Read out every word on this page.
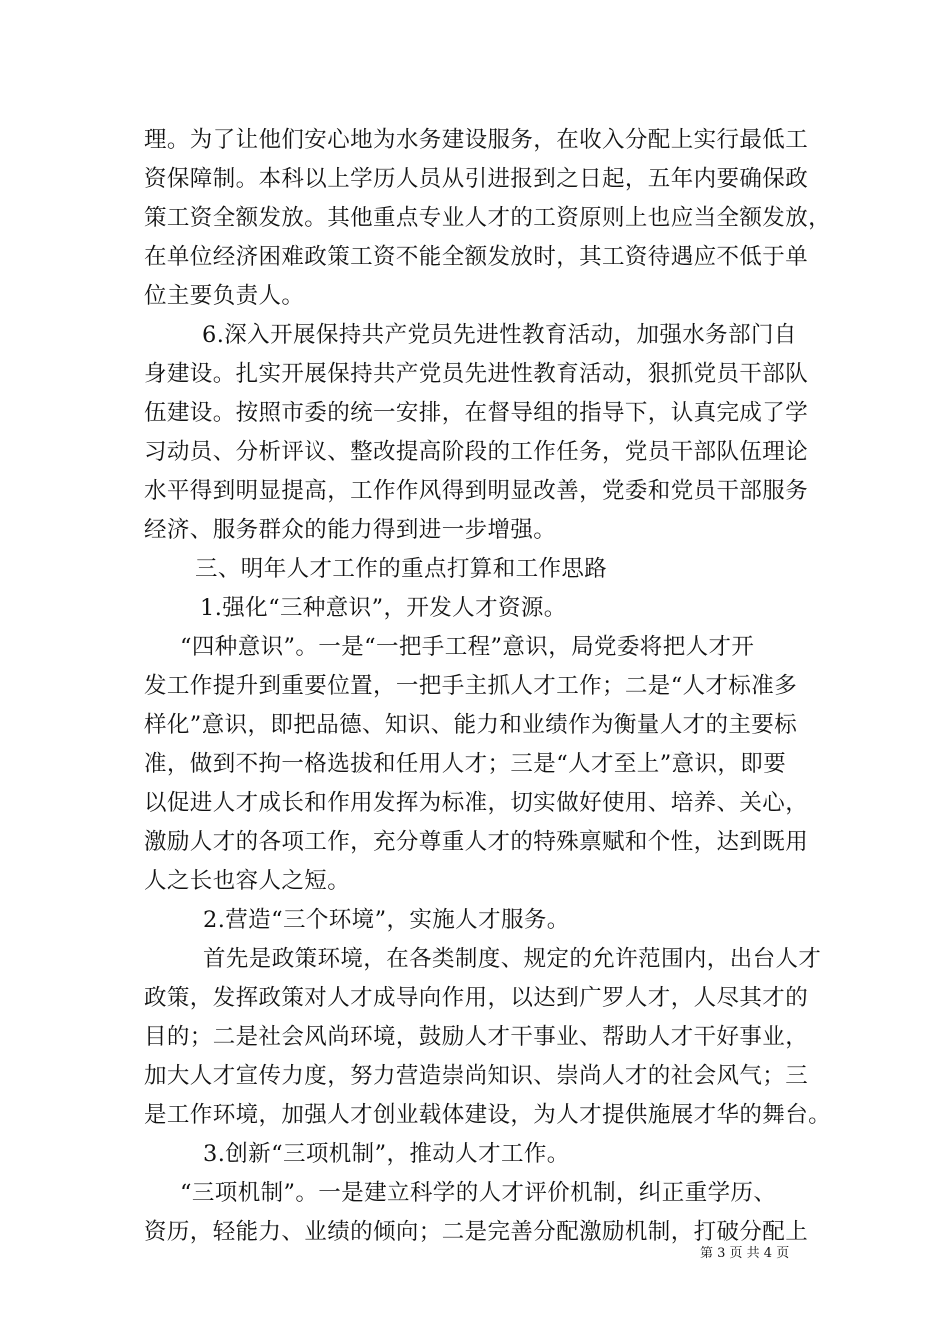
理。为了让他们安心地为水务建设服务，在收入分配上实行最低工
资保障制。本科以上学历人员从引进报到之日起，五年内要确保政
策工资全额发放。其他重点专业人才的工资原则上也应当全额发放，
在单位经济困难政策工资不能全额发放时，其工资待遇应不低于单
位主要负责人。
6.深入开展保持共产党员先进性教育活动，加强水务部门自
身建设。扎实开展保持共产党员先进性教育活动，狠抓党员干部队
伍建设。按照市委的统一安排，在督导组的指导下，认真完成了学
习动员、分析评议、整改提高阶段的工作任务，党员干部队伍理论
水平得到明显提高，工作作风得到明显改善，党委和党员干部服务
经济、服务群众的能力得到进一步增强。
三、明年人才工作的重点打算和工作思路
1.强化“三种意识”，开发人才资源。
“四种意识”。一是“一把手工程”意识，局党委将把人才开
发工作提升到重要位置，一把手主抓人才工作；二是“人才标准多
样化”意识，即把品德、知识、能力和业绩作为衡量人才的主要标
准，做到不拘一格选拔和任用人才；三是“人才至上”意识，即要
以促进人才成长和作用发挥为标准，切实做好使用、培养、关心，
激励人才的各项工作，充分尊重人才的特殊禀赋和个性，达到既用
人之长也容人之短。
2.营造“三个环境”，实施人才服务。
首先是政策环境，在各类制度、规定的允许范围内，出台人才
政策，发挥政策对人才成导向作用，以达到广罗人才，人尽其才的
目的；二是社会风尚环境，鼓励人才干事业、帮助人才干好事业，
加大人才宣传力度，努力营造崇尚知识、崇尚人才的社会风气；三
是工作环境，加强人才创业载体建设，为人才提供施展才华的舞台。
3.创新“三项机制”，推动人才工作。
“三项机制”。一是建立科学的人才评价机制，纠正重学历、
资历，轻能力、业绩的倾向；二是完善分配激励机制，打破分配上
第 3 页 共 4 页
